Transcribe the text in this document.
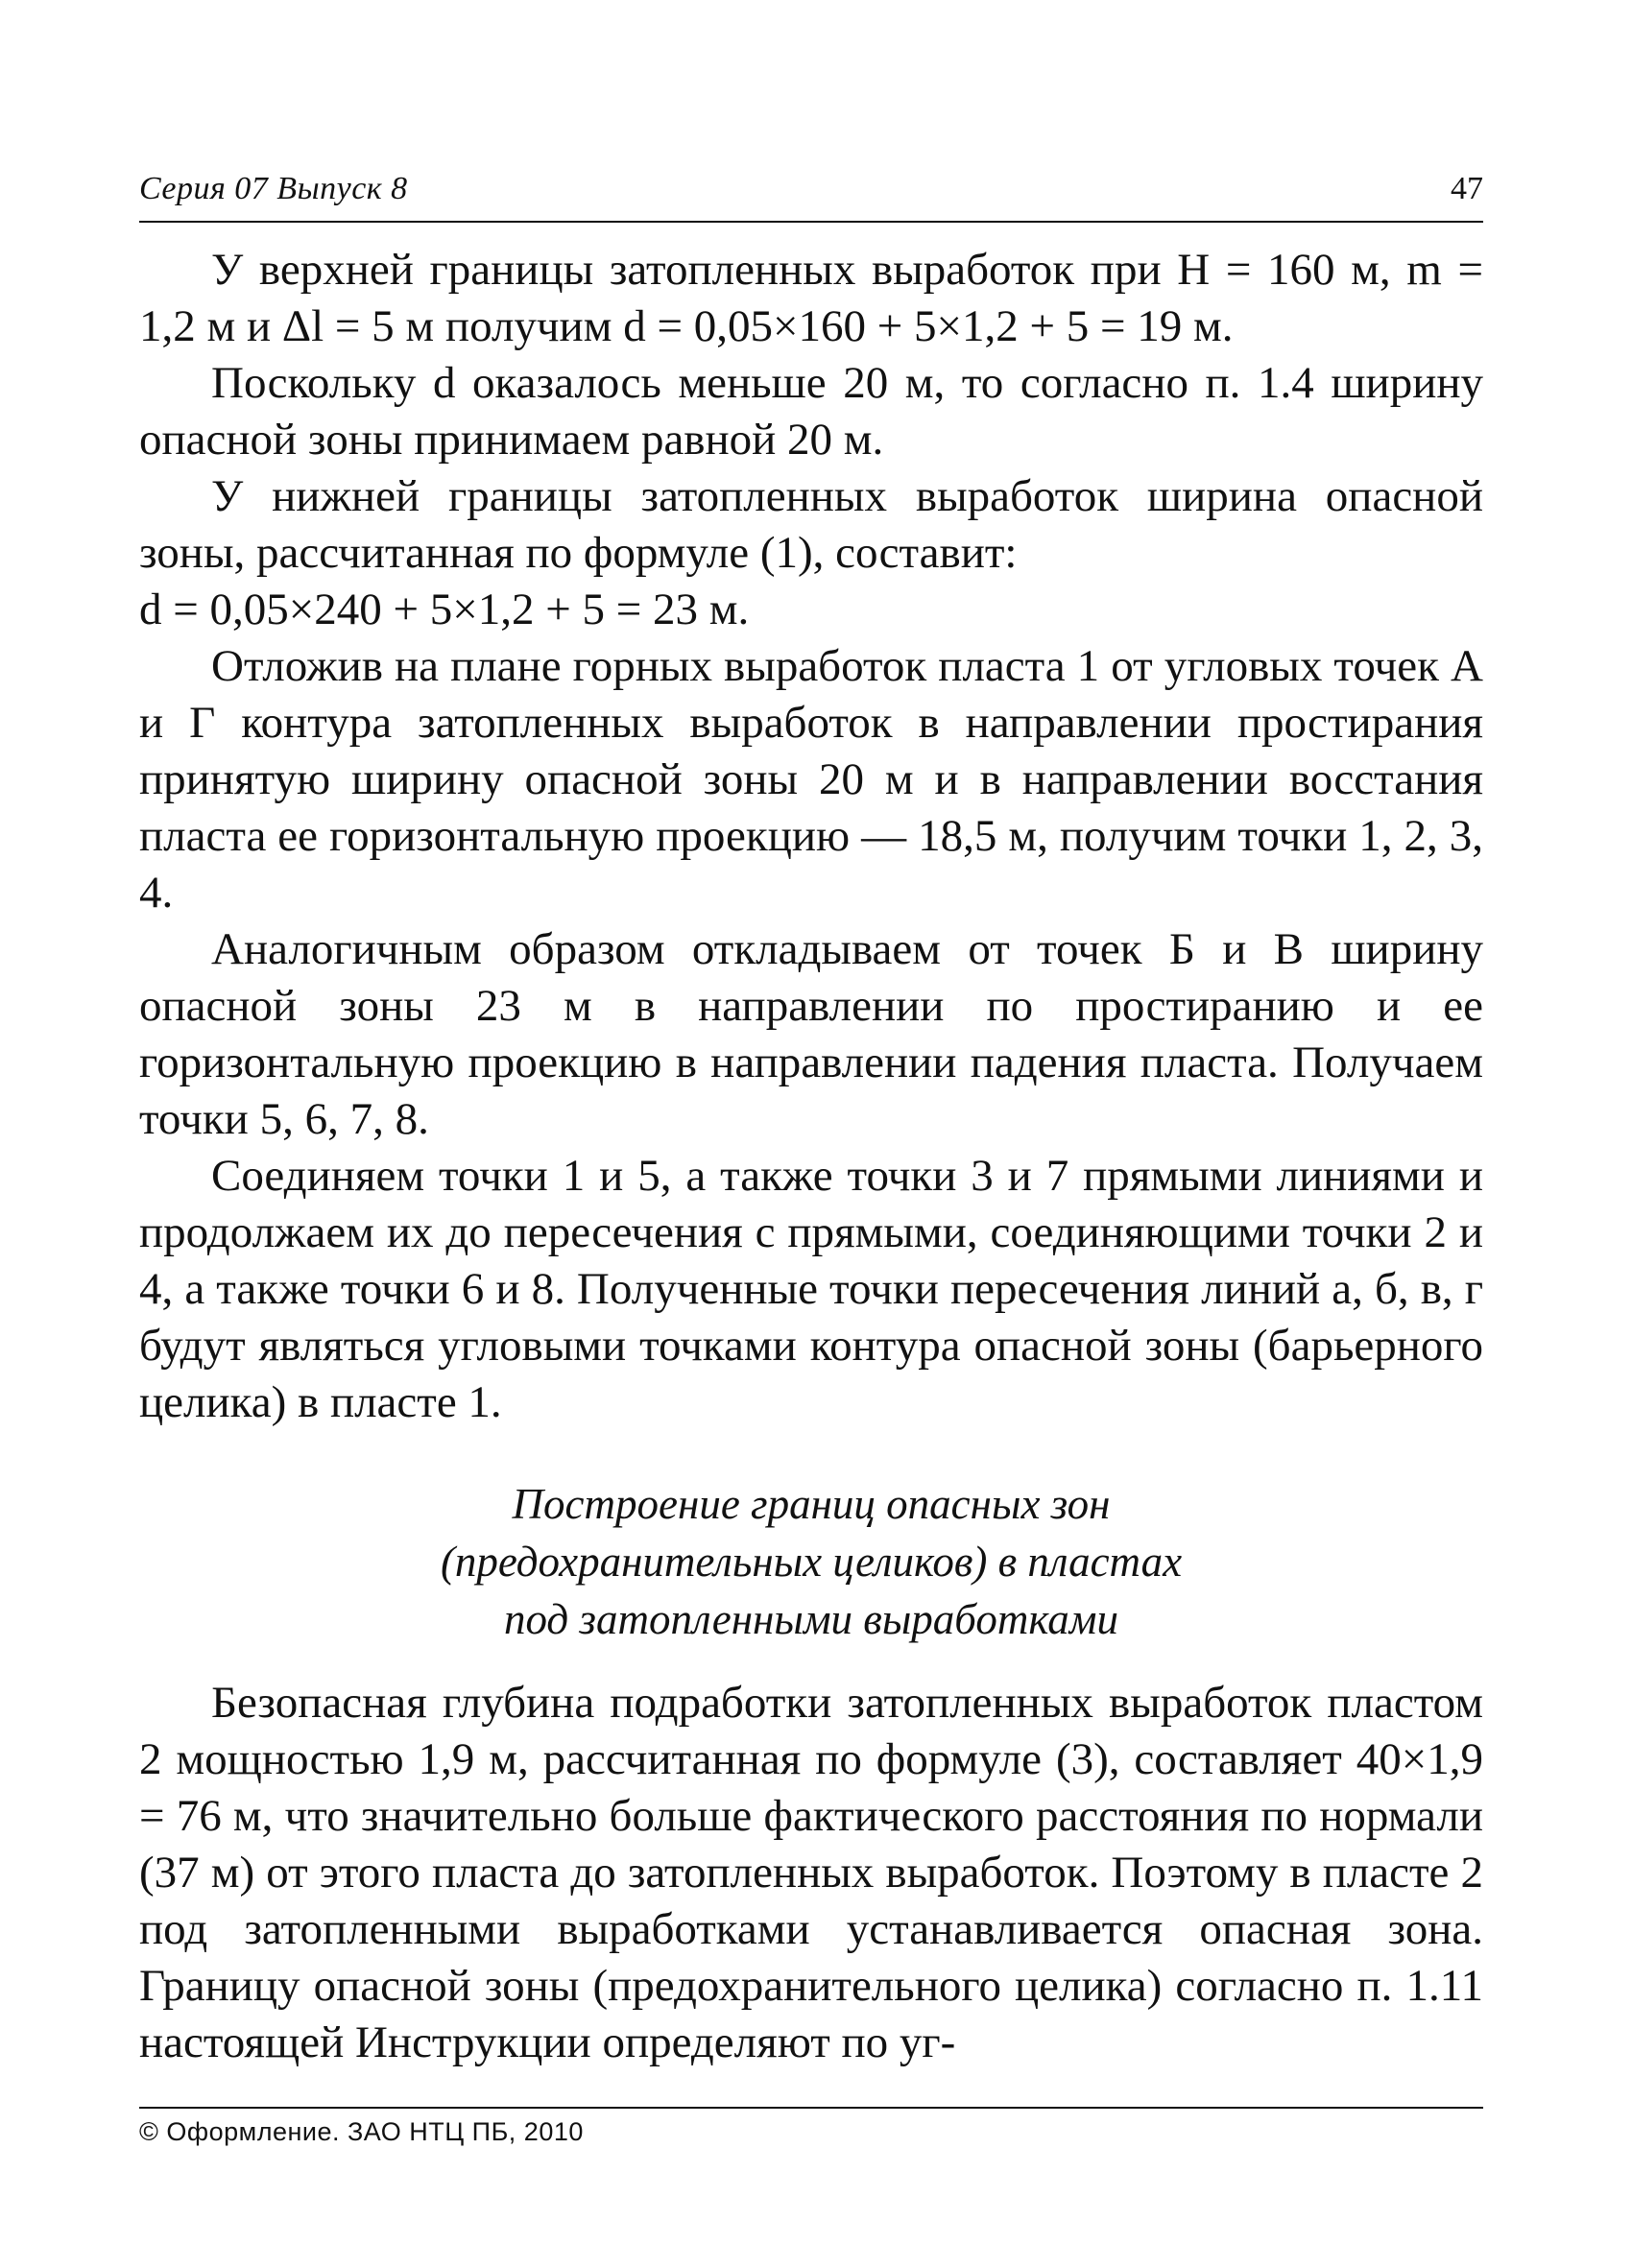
Серия 07 Выпуск 8	47

У верхней границы затопленных выработок при H = 160 м, m = 1,2 м и Δl = 5 м получим d = 0,05×160 + 5×1,2 + 5 = 19 м.

Поскольку d оказалось меньше 20 м, то согласно п. 1.4 ширину опасной зоны принимаем равной 20 м.

У нижней границы затопленных выработок ширина опасной зоны, рассчитанная по формуле (1), составит:

d = 0,05×240 + 5×1,2 + 5 = 23 м.

Отложив на плане горных выработок пласта 1 от угловых точек А и Г контура затопленных выработок в направлении простирания принятую ширину опасной зоны 20 м и в направлении восстания пласта ее горизонтальную проекцию — 18,5 м, получим точки 1, 2, 3, 4.

Аналогичным образом откладываем от точек Б и В ширину опасной зоны 23 м в направлении по простиранию и ее горизонтальную проекцию в направлении падения пласта. Получаем точки 5, 6, 7, 8.

Соединяем точки 1 и 5, а также точки 3 и 7 прямыми линиями и продолжаем их до пересечения с прямыми, соединяющими точки 2 и 4, а также точки 6 и 8. Полученные точки пересечения линий а, б, в, г будут являться угловыми точками контура опасной зоны (барьерного целика) в пласте 1.

Построение границ опасных зон
(предохранительных целиков) в пластах
под затопленными выработками

Безопасная глубина подработки затопленных выработок пластом 2 мощностью 1,9 м, рассчитанная по формуле (3), составляет 40×1,9 = 76 м, что значительно больше фактического расстояния по нормали (37 м) от этого пласта до затопленных выработок. Поэтому в пласте 2 под затопленными выработками устанавливается опасная зона. Границу опасной зоны (предохранительного целика) согласно п. 1.11 настоящей Инструкции определяют по уг-

© Оформление. ЗАО НТЦ ПБ, 2010
